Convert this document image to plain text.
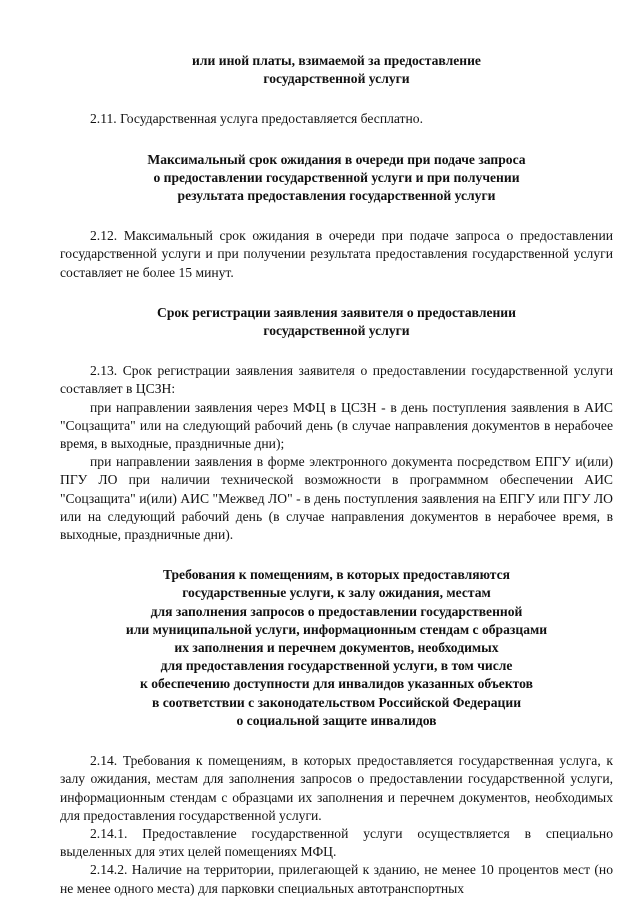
или иной платы, взимаемой за предоставление
государственной услуги

2.11. Государственная услуга предоставляется бесплатно.

Максимальный срок ожидания в очереди при подаче запроса
о предоставлении государственной услуги и при получении
результата предоставления государственной услуги

2.12. Максимальный срок ожидания в очереди при подаче запроса о предоставлении государственной услуги и при получении результата предоставления государственной услуги составляет не более 15 минут.

Срок регистрации заявления заявителя о предоставлении
государственной услуги

2.13. Срок регистрации заявления заявителя о предоставлении государственной услуги составляет в ЦСЗН:

при направлении заявления через МФЦ в ЦСЗН - в день поступления заявления в АИС "Соцзащита" или на следующий рабочий день (в случае направления документов в нерабочее время, в выходные, праздничные дни);

при направлении заявления в форме электронного документа посредством ЕПГУ и(или) ПГУ ЛО при наличии технической возможности в программном обеспечении АИС "Соцзащита" и(или) АИС "Межвед ЛО" - в день поступления заявления на ЕПГУ или ПГУ ЛО или на следующий рабочий день (в случае направления документов в нерабочее время, в выходные, праздничные дни).

Требования к помещениям, в которых предоставляются
государственные услуги, к залу ожидания, местам
для заполнения запросов о предоставлении государственной
или муниципальной услуги, информационным стендам с образцами
их заполнения и перечнем документов, необходимых
для предоставления государственной услуги, в том числе
к обеспечению доступности для инвалидов указанных объектов
в соответствии с законодательством Российской Федерации
о социальной защите инвалидов

2.14. Требования к помещениям, в которых предоставляется государственная услуга, к залу ожидания, местам для заполнения запросов о предоставлении государственной услуги, информационным стендам с образцами их заполнения и перечнем документов, необходимых для предоставления государственной услуги.

2.14.1. Предоставление государственной услуги осуществляется в специально выделенных для этих целей помещениях МФЦ.

2.14.2. Наличие на территории, прилегающей к зданию, не менее 10 процентов мест (но не менее одного места) для парковки специальных автотранспортных
